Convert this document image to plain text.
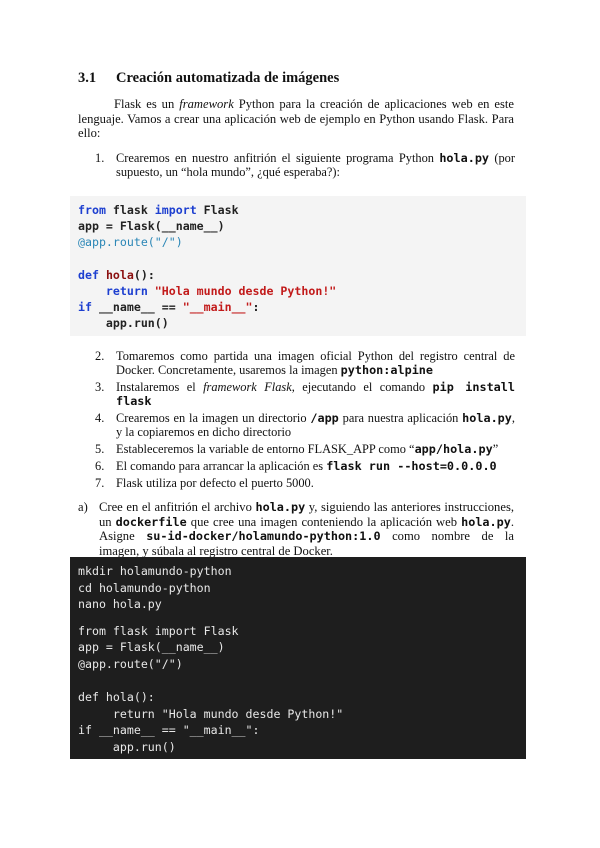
3.1 Creación automatizada de imágenes
Flask es un framework Python para la creación de aplicaciones web en este lenguaje. Vamos a crear una aplicación web de ejemplo en Python usando Flask. Para ello:
1. Crearemos en nuestro anfitrión el siguiente programa Python hola.py (por supuesto, un “hola mundo”, ¿qué esperaba?):
from flask import Flask
app = Flask(__name__)
@app.route("/")
def hola():
return "Hola mundo desde Python!"
if __name__ == "__main__":
app.run()
2. Tomaremos como partida una imagen oficial Python del registro central de Docker. Concretamente, usaremos la imagen python:alpine
3. Instalaremos el framework Flask, ejecutando el comando pip install flask
4. Crearemos en la imagen un directorio /app para nuestra aplicación hola.py, y la copiaremos en dicho directorio
5. Estableceremos la variable de entorno FLASK_APP como “app/hola.py”
6. El comando para arrancar la aplicación es flask run --host=0.0.0.0
7. Flask utiliza por defecto el puerto 5000.
a) Cree en el anfitrión el archivo hola.py y, siguiendo las anteriores instrucciones, un dockerfile que cree una imagen conteniendo la aplicación web hola.py. Asigne su-id-docker/holamundo-python:1.0 como nombre de la imagen, y súbala al registro central de Docker.
mkdir holamundo-python
cd holamundo-python
nano hola.py
from flask import Flask
app = Flask(__name__)
@app.route("/")
def hola():
return "Hola mundo desde Python!"
if __name__ == "__main__":
app.run()
